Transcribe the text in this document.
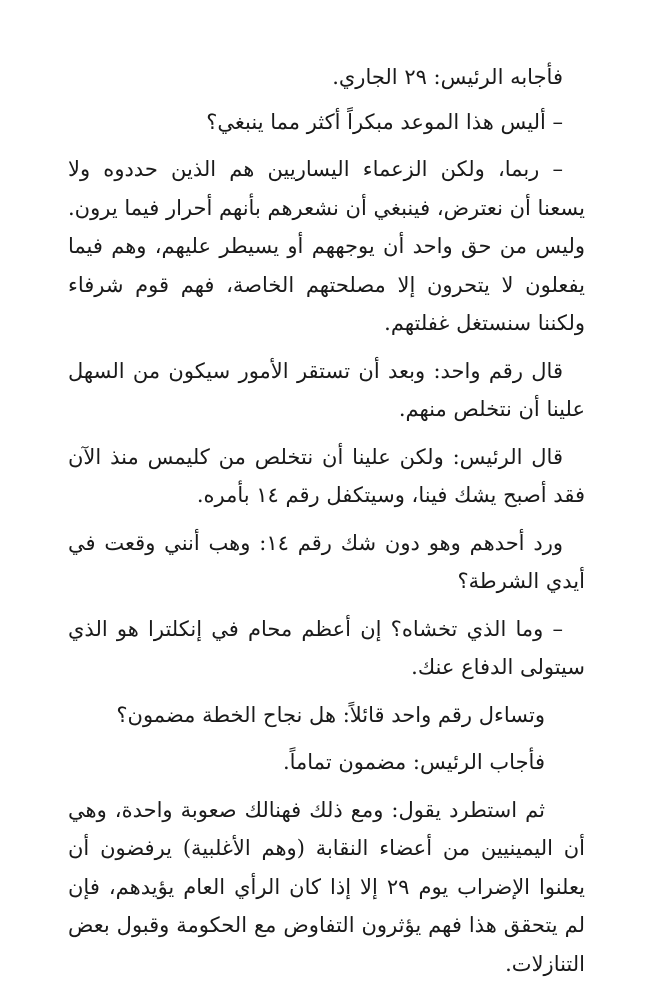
فأجابه الرئيس: ٢٩ الجاري.

– أليس هذا الموعد مبكراً أكثر مما ينبغي؟

– ربما، ولكن الزعماء اليساريين هم الذين حددوه ولا يسعنا أن نعترض، فينبغي أن نشعرهم بأنهم أحرار فيما يرون. وليس من حق واحد أن يوجههم أو يسيطر عليهم، وهم فيما يفعلون لا يتحرون إلا مصلحتهم الخاصة، فهم قوم شرفاء ولكننا سنستغل غفلتهم.

قال رقم واحد: وبعد أن تستقر الأمور سيكون من السهل علينا أن نتخلص منهم.

قال الرئيس: ولكن علينا أن نتخلص من كليمس منذ الآن فقد أصبح يشك فينا، وسيتكفل رقم ١٤ بأمره.

ورد أحدهم وهو دون شك رقم ١٤: وهب أنني وقعت في أيدي الشرطة؟

– وما الذي تخشاه؟ إن أعظم محام في إنكلترا هو الذي سيتولى الدفاع عنك.

وتساءل رقم واحد قائلاً: هل نجاح الخطة مضمون؟

فأجاب الرئيس: مضمون تماماً.

ثم استطرد يقول: ومع ذلك فهنالك صعوبة واحدة، وهي أن اليمينيين من أعضاء النقابة (وهم الأغلبية) يرفضون أن يعلنوا الإضراب يوم ٢٩ إلا إذا كان الرأي العام يؤيدهم، فإن لم يتحقق هذا فهم يؤثرون التفاوض مع الحكومة وقبول بعض التنازلات.
